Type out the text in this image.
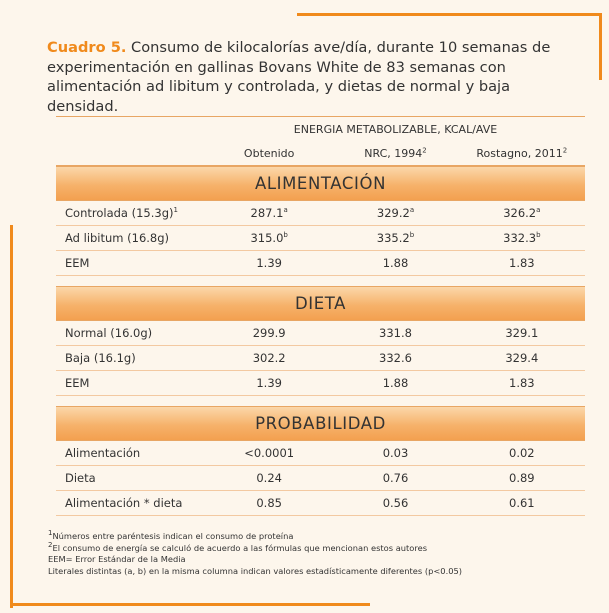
Cuadro 5. Consumo de kilocalorías ave/día, durante 10 semanas de experimentación en gallinas Bovans White de 83 semanas con alimentación ad libitum y controlada, y dietas de normal y baja densidad.
ENERGIA METABOLIZABLE, KCAL/AVE
Obtenido	NRC, 1994$^2$	Rostagno, 2011$^2$
ALIMENTACIÓN
Controlada $(15.3g)^1$	287.1$^a$	329.2$^a$	326.2$^a$
Ad libitum (16.8g)	315.0$^b$	335.2$^b$	332.3$^b$
EEM	1.39	1.88	1.83
DIETA
Normal (16.0g)	299.9	331.8	329.1
Baja (16.1g)	302.2	332.6	329.4
EEM	1.39	1.88	1.83
PROBABILIDAD
Alimentación	<0.0001	0.03	0.02
Dieta	0.24	0.76	0.89
Alimentación * dieta	0.85	0.56	0.61
$^1$Números entre paréntesis indican el consumo de proteína
$^2$El consumo de energía se calculó de acuerdo a las fórmulas que mencionan estos autores
EEM= Error Estándar de la Media
Literales distintas (a, b) en la misma columna indican valores estadísticamente diferentes (p<0.05)
